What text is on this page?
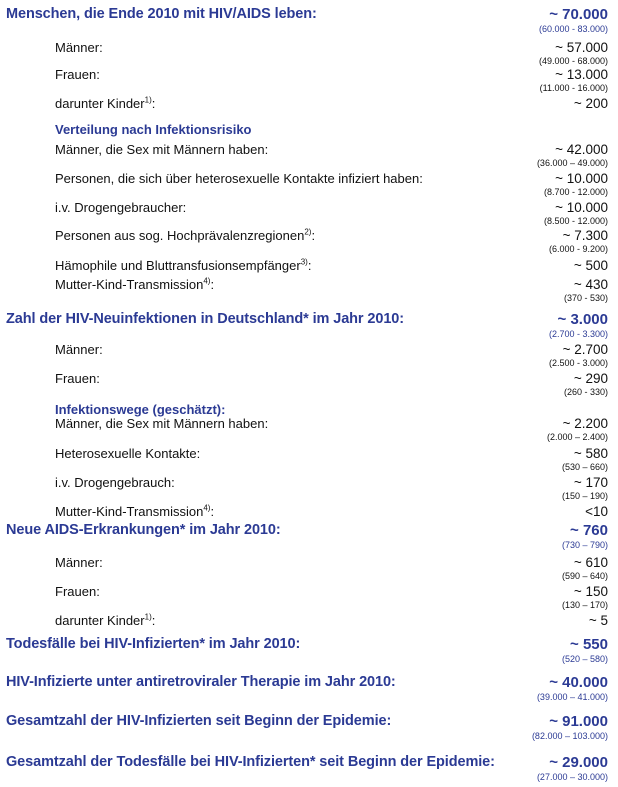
Menschen, die Ende 2010 mit HIV/AIDS leben:	~ 70.000
(60.000 - 83.000)
Männer:	~ 57.000
(49.000 - 68.000)
Frauen:	~ 13.000
(11.000 - 16.000)
darunter Kinder$^{1)}$:	~ 200
Verteilung nach Infektionsrisiko
Männer, die Sex mit Männern haben:	~ 42.000
(36.000 – 49.000)
Personen, die sich über heterosexuelle Kontakte infiziert haben:	~ 10.000
(8.700 - 12.000)
i.v. Drogengebraucher:	~ 10.000
(8.500 - 12.000)
Personen aus sog. Hochprävalenzregionen$^{2)}$:	~ 7.300
(6.000 - 9.200)
Hämophile und Bluttransfusionsempfänger$^{3)}$:	~ 500
Mutter-Kind-Transmission$^{4)}$:	~ 430
(370 - 530)
Zahl der HIV-Neuinfektionen in Deutschland* im Jahr 2010:	~ 3.000
(2.700 - 3.300)
Männer:	~ 2.700
(2.500 - 3.000)
Frauen:	~ 290
(260 - 330)
Infektionswege (geschätzt):
Männer, die Sex mit Männern haben:	~ 2.200
(2.000 – 2.400)
Heterosexuelle Kontakte:	~ 580
(530 – 660)
i.v. Drogengebrauch:	~ 170
(150 – 190)
Mutter-Kind-Transmission$^{4)}$:	<10
Neue AIDS-Erkrankungen* im Jahr 2010:	~ 760
(730 – 790)
Männer:	~ 610
(590 – 640)
Frauen:	~ 150
(130 – 170)
darunter Kinder$^{1)}$:	~ 5
Todesfälle bei HIV-Infizierten* im Jahr 2010:	~ 550
(520 – 580)
HIV-Infizierte unter antiretroviraler Therapie im Jahr 2010:	~ 40.000
(39.000 – 41.000)
Gesamtzahl der HIV-Infizierten seit Beginn der Epidemie:	~ 91.000
(82.000 – 103.000)
Gesamtzahl der Todesfälle bei HIV-Infizierten* seit Beginn der Epidemie:	~ 29.000
(27.000 – 30.000)
